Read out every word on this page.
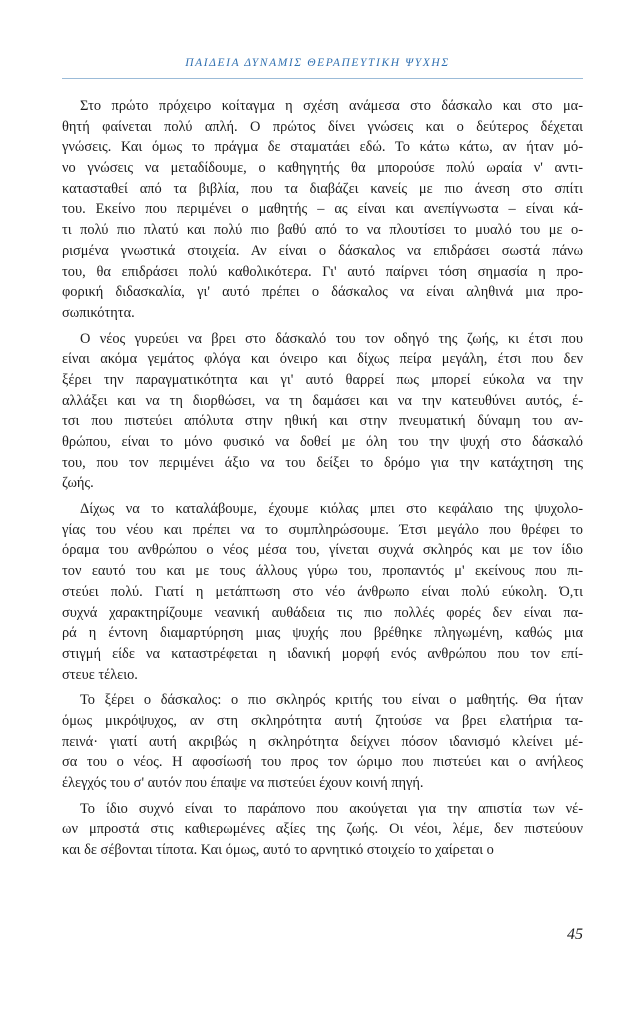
ΠΑΙΔΕΙΑ ΔΥΝΑΜΙΣ ΘΕΡΑΠΕΥΤΙΚΗ ΨΥΧΗΣ
Στο πρώτο πρόχειρο κοίταγμα η σχέση ανάμεσα στο δάσκαλο και στο μα-
θητή φαίνεται πολύ απλή. Ο πρώτος δίνει γνώσεις και ο δεύτερος δέχεται
γνώσεις. Και όμως το πράγμα δε σταματάει εδώ. Το κάτω κάτω, αν ήταν μό-
νο γνώσεις να μεταδίδουμε, ο καθηγητής θα μπορούσε πολύ ωραία ν' αντι-
κατασταθεί από τα βιβλία, που τα διαβάζει κανείς με πιο άνεση στο σπίτι
του. Εκείνο που περιμένει ο μαθητής – ας είναι και ανεπίγνωστα – είναι κά-
τι πολύ πιο πλατύ και πολύ πιο βαθύ από το να πλουτίσει το μυαλό του με ο-
ρισμένα γνωστικά στοιχεία. Αν είναι ο δάσκαλος να επιδράσει σωστά πάνω
του, θα επιδράσει πολύ καθολικότερα. Γι' αυτό παίρνει τόση σημασία η προ-
φορική διδασκαλία, γι' αυτό πρέπει ο δάσκαλος να είναι αληθινά μια προ-
σωπικότητα.
Ο νέος γυρεύει να βρει στο δάσκαλό του τον οδηγό της ζωής, κι έτσι που
είναι ακόμα γεμάτος φλόγα και όνειρο και δίχως πείρα μεγάλη, έτσι που δεν
ξέρει την παραγματικότητα και γι' αυτό θαρρεί πως μπορεί εύκολα να την
αλλάξει και να τη διορθώσει, να τη δαμάσει και να την κατευθύνει αυτός, έ-
τσι που πιστεύει απόλυτα στην ηθική και στην πνευματική δύναμη του αν-
θρώπου, είναι το μόνο φυσικό να δοθεί με όλη του την ψυχή στο δάσκαλό
του, που τον περιμένει άξιο να του δείξει το δρόμο για την κατάχτηση της
ζωής.
Δίχως να το καταλάβουμε, έχουμε κιόλας μπει στο κεφάλαιο της ψυχολο-
γίας του νέου και πρέπει να το συμπληρώσουμε. Έτσι μεγάλο που θρέφει το
όραμα του ανθρώπου ο νέος μέσα του, γίνεται συχνά σκληρός και με τον ίδιο
τον εαυτό του και με τους άλλους γύρω του, προπαντός μ' εκείνους που πι-
στεύει πολύ. Γιατί η μετάπτωση στο νέο άνθρωπο είναι πολύ εύκολη. Ό,τι
συχνά χαρακτηρίζουμε νεανική αυθάδεια τις πιο πολλές φορές δεν είναι πα-
ρά η έντονη διαμαρτύρηση μιας ψυχής που βρέθηκε πληγωμένη, καθώς μια
στιγμή είδε να καταστρέφεται η ιδανική μορφή ενός ανθρώπου που τον επί-
στευε τέλειο.
Το ξέρει ο δάσκαλος: ο πιο σκληρός κριτής του είναι ο μαθητής. Θα ήταν
όμως μικρόψυχος, αν στη σκληρότητα αυτή ζητούσε να βρει ελατήρια τα-
πεινά· γιατί αυτή ακριβώς η σκληρότητα δείχνει πόσον ιδανισμό κλείνει μέ-
σα του ο νέος. Η αφοσίωσή του προς τον ώριμο που πιστεύει και ο ανήλεος
έλεγχός του σ' αυτόν που έπαψε να πιστεύει έχουν κοινή πηγή.
Το ίδιο συχνό είναι το παράπονο που ακούγεται για την απιστία των νέ-
ων μπροστά στις καθιερωμένες αξίες της ζωής. Οι νέοι, λέμε, δεν πιστεύουν
και δε σέβονται τίποτα. Και όμως, αυτό το αρνητικό στοιχείο το χαίρεται ο
45
